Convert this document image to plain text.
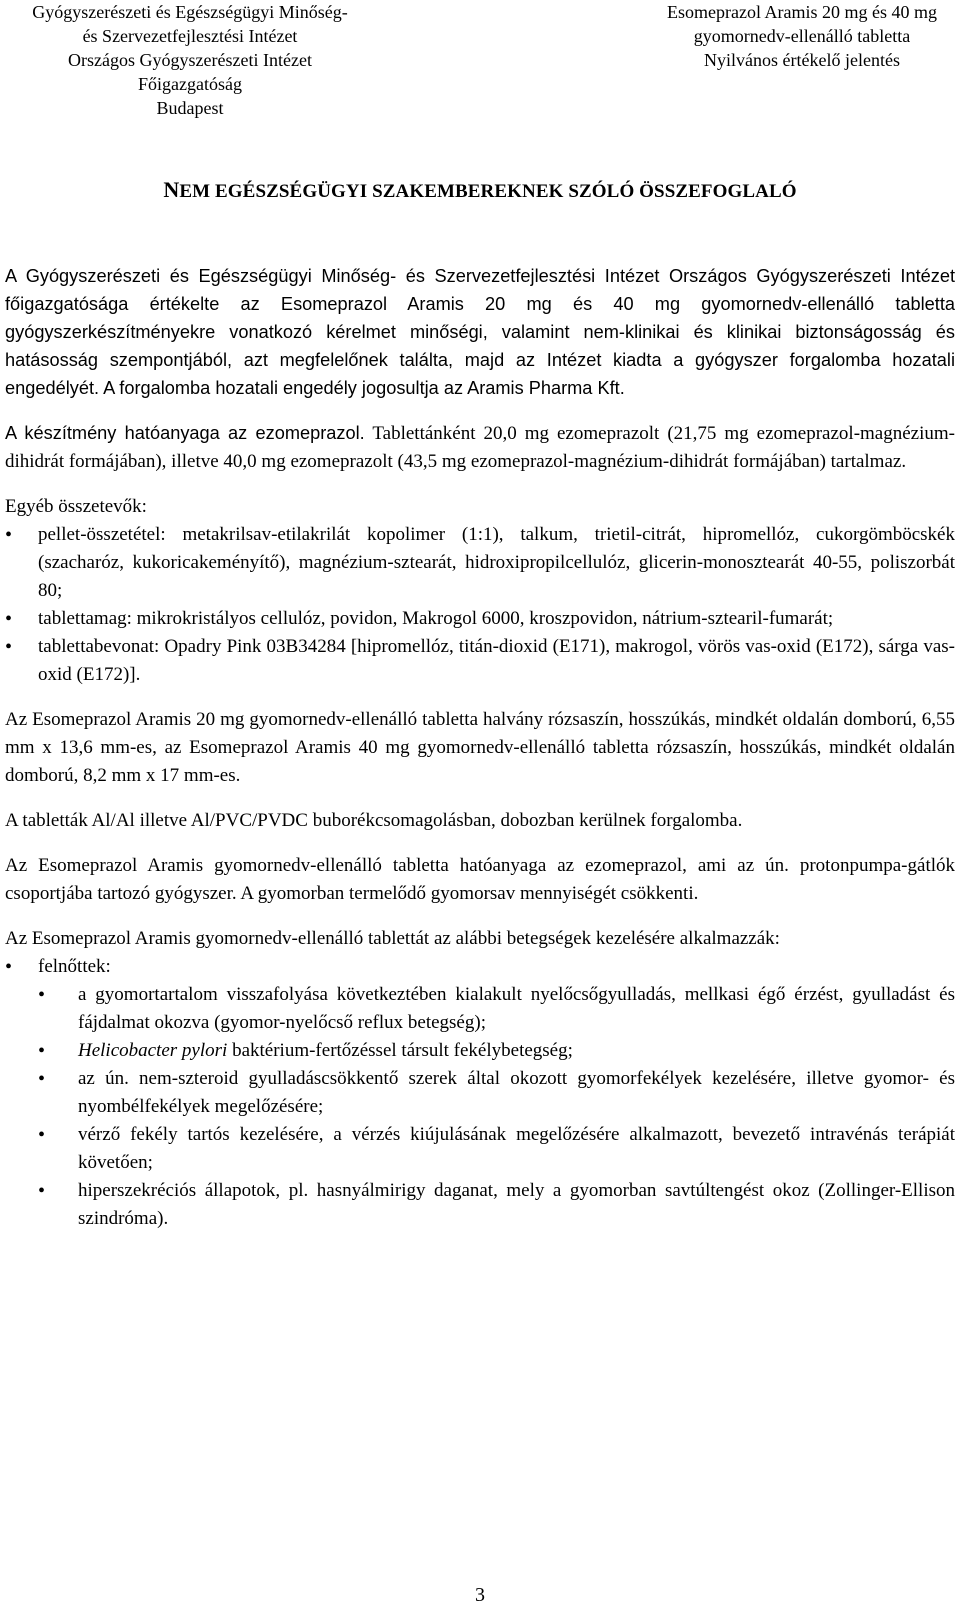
Gyógyszerészeti és Egészségügyi Minőség-
és Szervezetfejlesztési Intézet
Országos Gyógyszerészeti Intézet
Főigazgatóság
Budapest
Esomeprazol Aramis 20 mg és 40 mg
gyomornedv-ellenálló tabletta
Nyilvános értékelő jelentés
NEM EGÉSZSÉGÜGYI SZAKEMBEREKNEK SZÓLÓ ÖSSZEFOGLALÓ

A Gyógyszerészeti és Egészségügyi Minőség- és Szervezetfejlesztési Intézet Országos Gyógyszerészeti Intézet főigazgatósága értékelte az Esomeprazol Aramis 20 mg és 40 mg gyomornedv-ellenálló tabletta gyógyszerkészítményekre vonatkozó kérelmet minőségi, valamint nem-klinikai és klinikai biztonságosság és hatásosság szempontjából, azt megfelelőnek találta, majd az Intézet kiadta a gyógyszer forgalomba hozatali engedélyét. A forgalomba hozatali engedély jogosultja az Aramis Pharma Kft.

A készítmény hatóanyaga az ezomeprazol. Tablettánként 20,0 mg ezomeprazolt (21,75 mg ezomeprazol-magnézium-dihidrát formájában), illetve 40,0 mg ezomeprazolt (43,5 mg ezomeprazol-magnézium-dihidrát formájában) tartalmaz.

Egyéb összetevők:

• pellet-összetétel: metakrilsav-etilakrilát kopolimer (1:1), talkum, trietil-citrát, hipromellóz, cukorgömböcskék (szacharóz, kukoricakeményítő), magnézium-sztearát, hidroxipropilcellulóz, glicerin-monosztearát 40-55, poliszorbát 80;
• tablettamag: mikrokristályos cellulóz, povidon, Makrogol 6000, kroszpovidon, nátrium-sztearil-fumarát;
• tablettabevonat: Opadry Pink 03B34284 [hipromellóz, titán-dioxid (E171), makrogol, vörös vas-oxid (E172), sárga vas-oxid (E172)].

Az Esomeprazol Aramis 20 mg gyomornedv-ellenálló tabletta halvány rózsaszín, hosszúkás, mindkét oldalán domború, 6,55 mm x 13,6 mm-es, az Esomeprazol Aramis 40 mg gyomornedv-ellenálló tabletta rózsaszín, hosszúkás, mindkét oldalán domború, 8,2 mm x 17 mm-es.

A tabletták Al/Al illetve Al/PVC/PVDC buborékcsomagolásban, dobozban kerülnek forgalomba.

Az Esomeprazol Aramis gyomornedv-ellenálló tabletta hatóanyaga az ezomeprazol, ami az ún. protonpumpa-gátlók csoportjába tartozó gyógyszer. A gyomorban termelődő gyomorsav mennyiségét csökkenti.

Az Esomeprazol Aramis gyomornedv-ellenálló tablettát az alábbi betegségek kezelésére alkalmazzák:

• felnőttek:
• a gyomortartalom visszafolyása következtében kialakult nyelőcsőgyulladás, mellkasi égő érzést, gyulladást és fájdalmat okozva (gyomor-nyelőcső reflux betegség);
• Helicobacter pylori baktérium-fertőzéssel társult fekélybetegség;
• az ún. nem-szteroid gyulladáscsökkentő szerek által okozott gyomorfekélyek kezelésére, illetve gyomor- és nyombélfekélyek megelőzésére;
• vérző fekély tartós kezelésére, a vérzés kiújulásának megelőzésére alkalmazott, bevezető intravénás terápiát követően;
• hiperszekréciós állapotok, pl. hasnyálmirigy daganat, mely a gyomorban savtúltengést okoz (Zollinger-Ellison szindróma).
3
